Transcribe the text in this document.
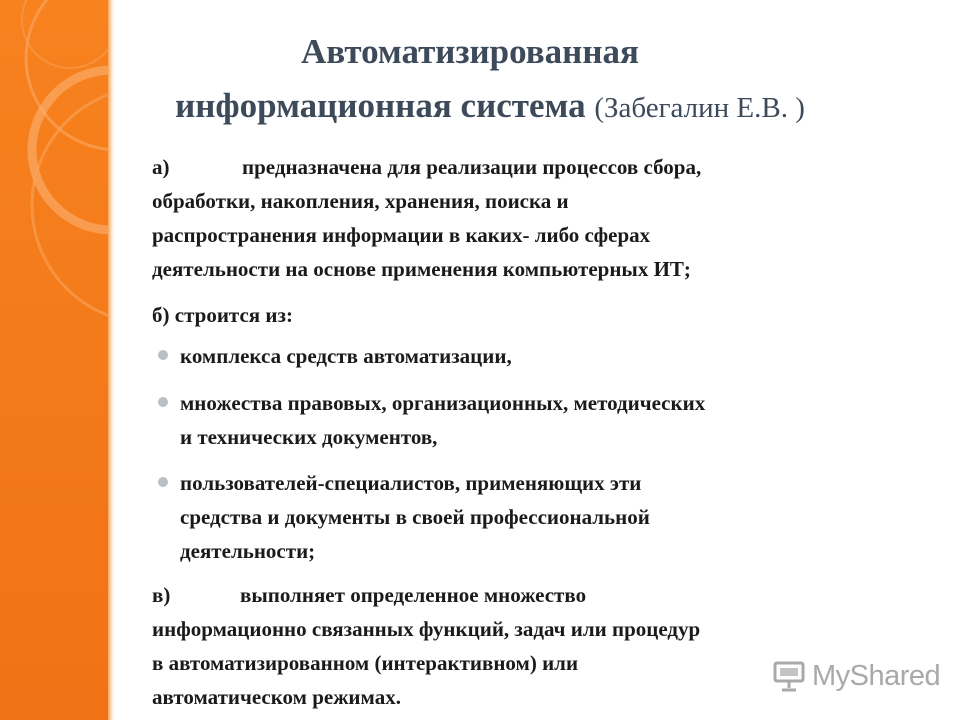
Автоматизированная
информационная система (Забегалин Е.В. )
а)	предназначена для реализации процессов сбора,
обработки, накопления, хранения, поиска и
распространения информации в каких- либо сферах
деятельности на основе применения компьютерных ИТ;
б) строится из:
комплекса средств автоматизации,
множества правовых, организационных, методических
и технических документов,
пользователей-специалистов, применяющих эти
средства и документы в своей профессиональной
деятельности;
в)	выполняет определенное множество
информационно связанных функций, задач или процедур
в автоматизированном (интерактивном) или
автоматическом режимах.
MyShared
